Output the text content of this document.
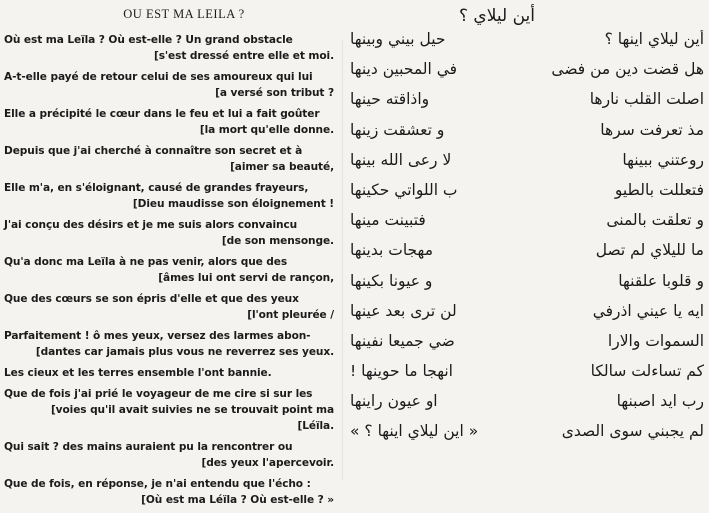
OU EST MA LEILA ?
Où est ma Leïla ? Où est-elle ? Un grand obstacle
[s'est dressé entre elle et moi.
A-t-elle payé de retour celui de ses amoureux qui lui
[a versé son tribut ?
Elle a précipité le cœur dans le feu et lui a fait goûter
[la mort qu'elle donne.
Depuis que j'ai cherché à connaître son secret et à
[aimer sa beauté,
Elle m'a, en s'éloignant, causé de grandes frayeurs,
[Dieu maudisse son éloignement !
J'ai conçu des désirs et je me suis alors convaincu
[de son mensonge.
Qu'a donc ma Leïla à ne pas venir, alors que des
[âmes lui ont servi de rançon,
Que des cœurs se son épris d'elle et que des yeux
[l'ont pleurée /
Parfaitement ! ô mes yeux, versez des larmes abon-
[dantes car jamais plus vous ne reverrez ses yeux.
Les cieux et les terres ensemble l'ont bannie.
Que de fois j'ai prié le voyageur de me cire si sur les
[voies qu'il avait suivies ne se trouvait point ma
[Léïla.
Qui sait ? des mains auraient pu la rencontrer ou
[des yeux l'apercevoir.
Que de fois, en réponse, je n'ai entendu que l'écho :
[Où est ma Léïla ? Où est-elle ? »
أين ليلاي ؟
أين ليلاي اينها ؟
حيل بيني وبينها
هل قضت دين من فضى
في المحبين دينها
اصلت القلب نارها
واذاقته حينها
مذ تعرفت سرها
و تعشقت زينها
روعتني ببينها
لا رعى الله بينها
فتعللت بالطيو
ب اللواتي حكينها
و تعلقت بالمنى
فتبينت مينها
ما لليلاي لم تصل
مهجات بدينها
و قلوبا علقنها
و عيونا بكينها
ايه يا عيني اذرفي
لن ترى بعد عينها
السموات والارا
ضي جميعا نفينها
كم تساءلت سالكا
انهجا ما حوينها !
رب ايد اصبنها
او عيون راينها
لم يجبني سوى الصدى
« اين ليلاي اينها ؟ »
